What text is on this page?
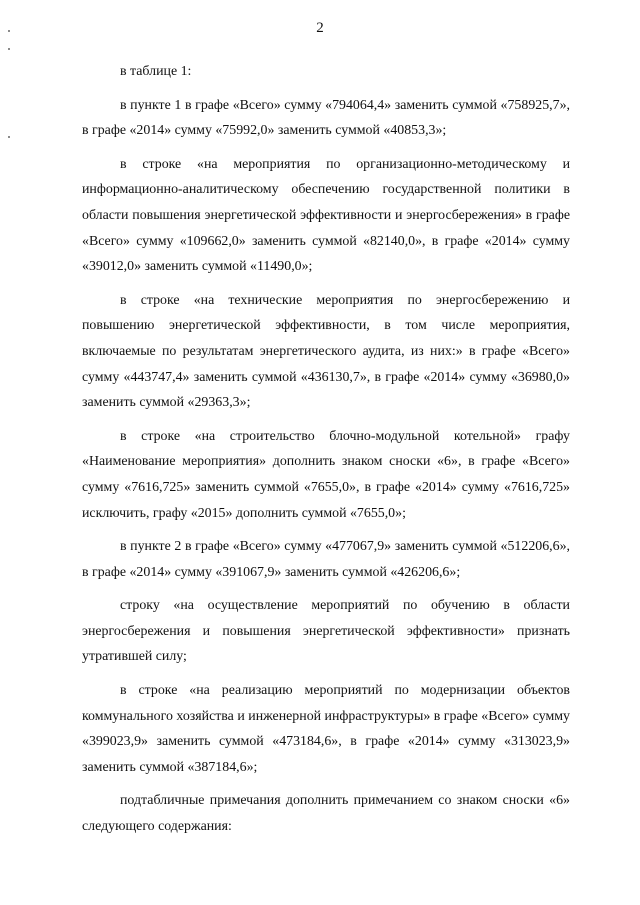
2

в таблице 1:

в пункте 1 в графе «Всего» сумму «794064,4» заменить суммой «758925,7», в графе «2014» сумму «75992,0» заменить суммой «40853,3»;

в строке «на мероприятия по организационно-методическому и информационно-аналитическому обеспечению государственной политики в области повышения энергетической эффективности и энергосбережения» в графе «Всего» сумму «109662,0» заменить суммой «82140,0», в графе «2014» сумму «39012,0» заменить суммой «11490,0»;

в строке «на технические мероприятия по энергосбережению и повышению энергетической эффективности, в том числе мероприятия, включаемые по результатам энергетического аудита, из них:» в графе «Всего» сумму «443747,4» заменить суммой «436130,7», в графе «2014» сумму «36980,0» заменить суммой «29363,3»;

в строке «на строительство блочно-модульной котельной» графу «Наименование мероприятия» дополнить знаком сноски «6», в графе «Всего» сумму «7616,725» заменить суммой «7655,0», в графе «2014» сумму «7616,725» исключить, графу «2015» дополнить суммой «7655,0»;

в пункте 2 в графе «Всего» сумму «477067,9» заменить суммой «512206,6», в графе «2014» сумму «391067,9» заменить суммой «426206,6»;

строку «на осуществление мероприятий по обучению в области энергосбережения и повышения энергетической эффективности» признать утратившей силу;

в строке «на реализацию мероприятий по модернизации объектов коммунального хозяйства и инженерной инфраструктуры» в графе «Всего» сумму «399023,9» заменить суммой «473184,6», в графе «2014» сумму «313023,9» заменить суммой «387184,6»;

подтабличные примечания дополнить примечанием со знаком сноски «6» следующего содержания:
